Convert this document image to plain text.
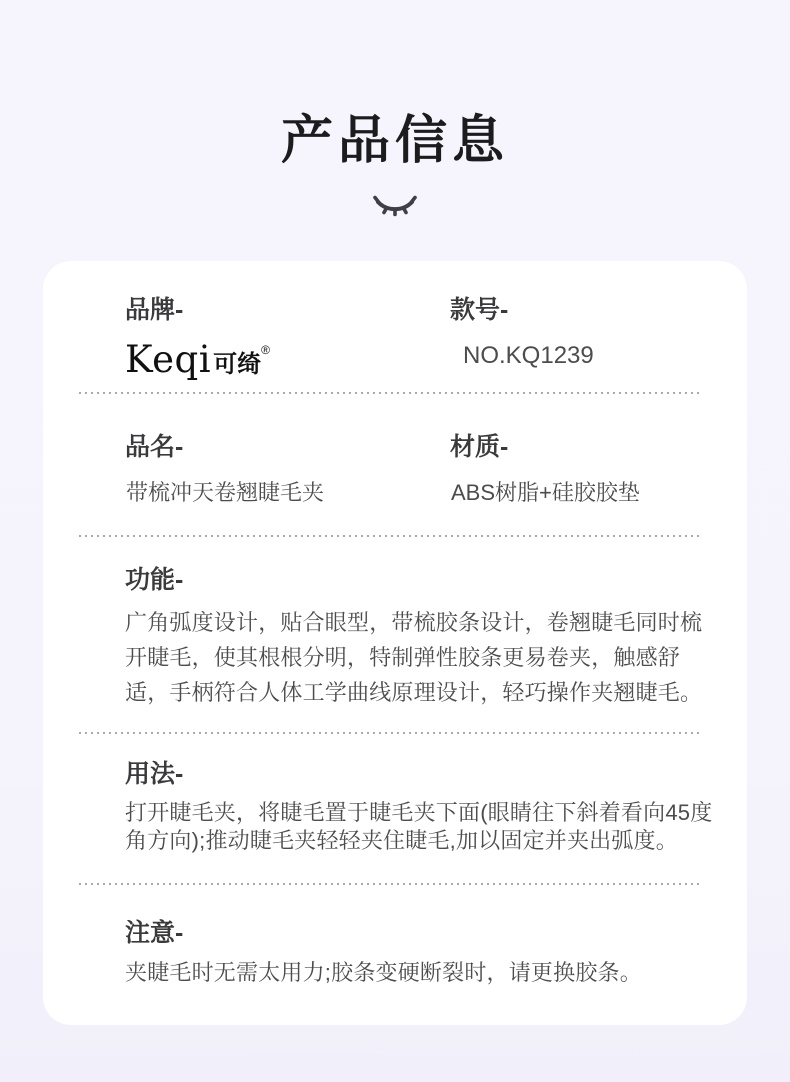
产品信息
品牌-
Keqi可绮®
款号-
NO.KQ1239
品名-
带梳冲天卷翘睫毛夹
材质-
ABS树脂+硅胶胶垫
功能-
广角弧度设计，贴合眼型，带梳胶条设计，卷翘睫毛同时梳开睫毛，使其根根分明，特制弹性胶条更易卷夹，触感舒适，手柄符合人体工学曲线原理设计，轻巧操作夹翘睫毛。
用法-
打开睫毛夹，将睫毛置于睫毛夹下面(眼睛往下斜着看向45度角方向);推动睫毛夹轻轻夹住睫毛,加以固定并夹出弧度。
注意-
夹睫毛时无需太用力;胶条变硬断裂时，请更换胶条。
